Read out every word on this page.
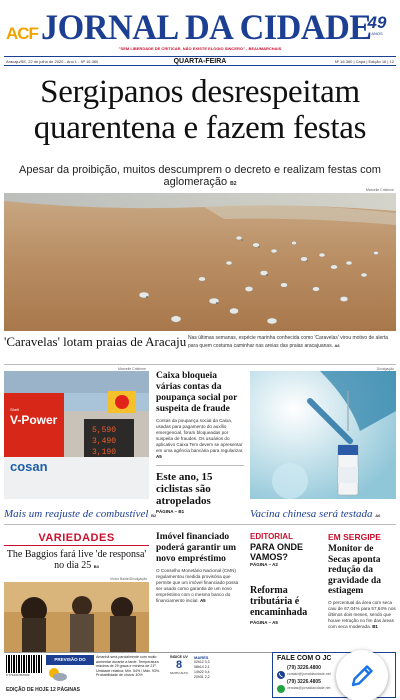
ACF JORNAL DA CIDADE
49
ANOS
"SEM LIBERDADE DE CRITICAR, NÃO EXISTE ELOGIO SINCERO" - BEAUMARCHAIS
Aracaju/SE, 22 de julho de 2020 - Ano L - Nº 16.360	QUARTA-FEIRA	Nº 16.360 | Capa | Edição 16 | 12
Sergipanos desrespeitam quarentena e fazem festas
Apesar da proibição, muitos descumprem o decreto e realizam festas com aglomeração B2
Marcelle Cristinne
'Caravelas' lotam praias de Aracaju Nas últimas semanas, espécie marinha conhecida como 'Caravelas' virou motivo de alerta para quem costuma caminhar nas areias das praias aracajuanas. A6
Marcelle Cristinne
Shell
V-Power
cosan
5,590
3,490
3,190
Mais um reajuste de combustível B2
Caixa bloqueia várias contas da poupança social por suspeita de fraude
Contas da poupança social da Caixa, usadas para pagamento do auxílio emergencial, foram bloqueadas por suspeita de fraudes. Os usuários do aplicativo Caixa Tem devem se apresentar em uma agência bancária para regularizar. A5
Este ano, 15 ciclistas são atropelados
PÁGINA – B1
Divulgação
Vacina chinesa será testada A6
VARIEDADES
The Baggios fará live 'de responsa' no dia 25 B3
Victor Balde/Divulgação
Imóvel financiado poderá garantir um novo empréstimo
O Conselho Monetário Nacional (CMN) regulamentou medida provisória que permite que um imóvel financiado possa ser usado como garantia de um novo empréstimo com o mesmo banco do financiamento inicial. A5
EDITORIAL
PARA ONDE VAMOS?
PÁGINA – A2
Reforma tributária é encaminhada
PÁGINA – A5
EM SERGIPE
Monitor de Secas aponta redução da gravidade da estiagem
O percentual da área com seca caiu de 67,04% para 57,64% nos últimos dois meses, sendo que houve retração no fim das áreas com seca moderada. B1
9 771234 567003
EDIÇÃO DE HOJE 12 PÁGINAS
PREVISÃO DO TEMPO
Amanhã será parcialmente com muito aumentar durante a tarde. Temperatura máxima de 29 graus e mínima de 21º. Umidade relativa: Mín. 54% / Máx. 93%. Probabilidade de chuva: 40%
ÍNDICE UV
8
MUITO ALTO
MARÉS
02h12 0,3
08h14 2,1
14h22 0,4
20h31 2,2
FALE COM O JC
(79) 3226.4800
contato@jornaldacidade.net
(79) 3226.4805
vendas@jornaldacidade.net
